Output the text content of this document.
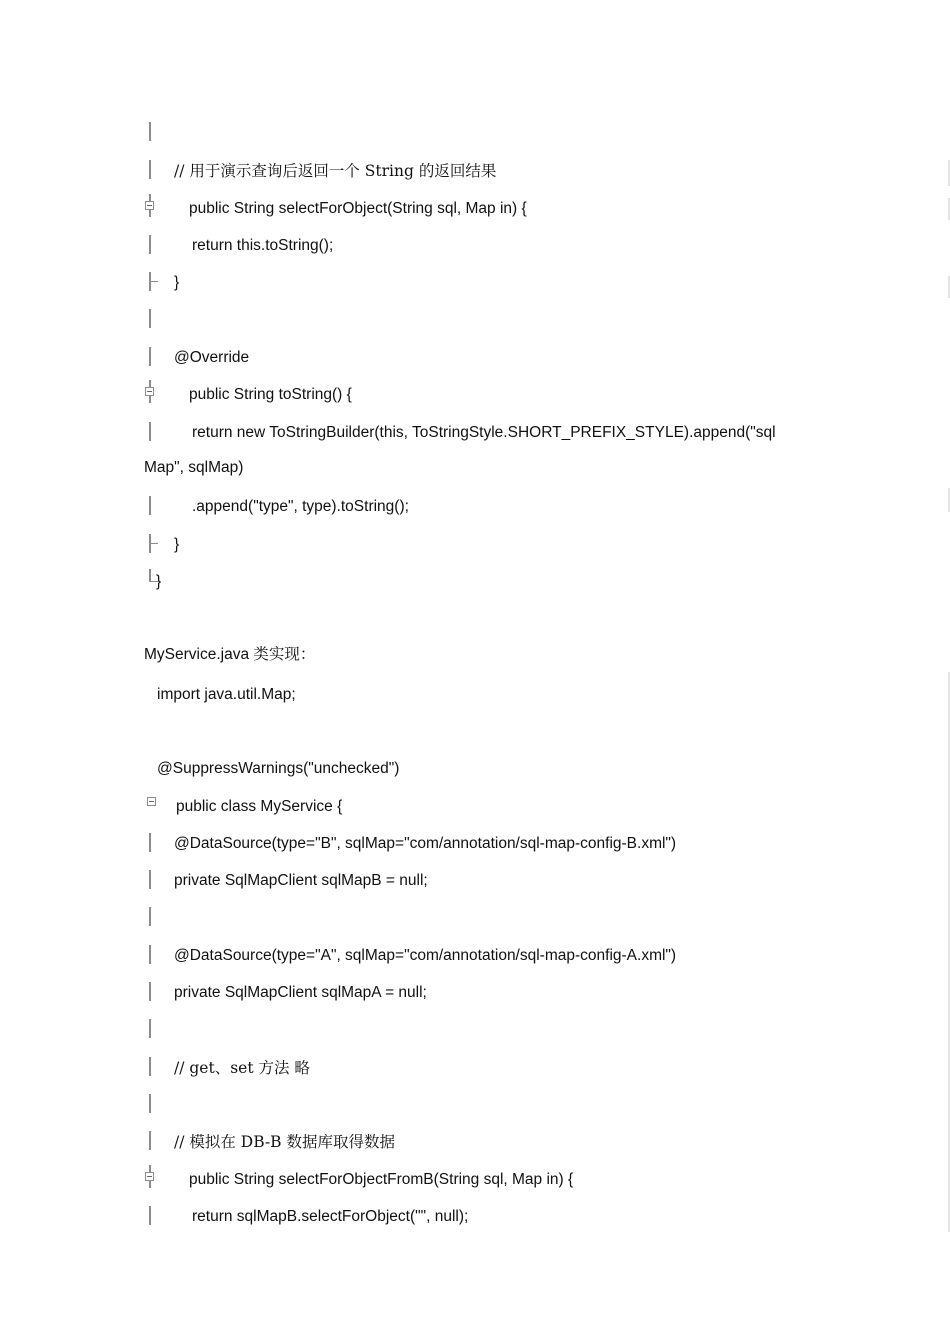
// 用于演示查询后返回一个 String 的返回结果
public String selectForObject(String sql, Map in) {
return this.toString();
}
@Override
public String toString() {
return new ToStringBuilder(this, ToStringStyle.SHORT_PREFIX_STYLE).append("sql
Map", sqlMap)
.append("type", type).toString();
}
}
MyService.java 类实现：
import java.util.Map;
@SuppressWarnings("unchecked")
public class MyService {
@DataSource(type="B", sqlMap="com/annotation/sql-map-config-B.xml")
private SqlMapClient sqlMapB = null;
@DataSource(type="A", sqlMap="com/annotation/sql-map-config-A.xml")
private SqlMapClient sqlMapA = null;
// get、set 方法 略
// 模拟在 DB-B 数据库取得数据
public String selectForObjectFromB(String sql, Map in) {
return sqlMapB.selectForObject("", null);
